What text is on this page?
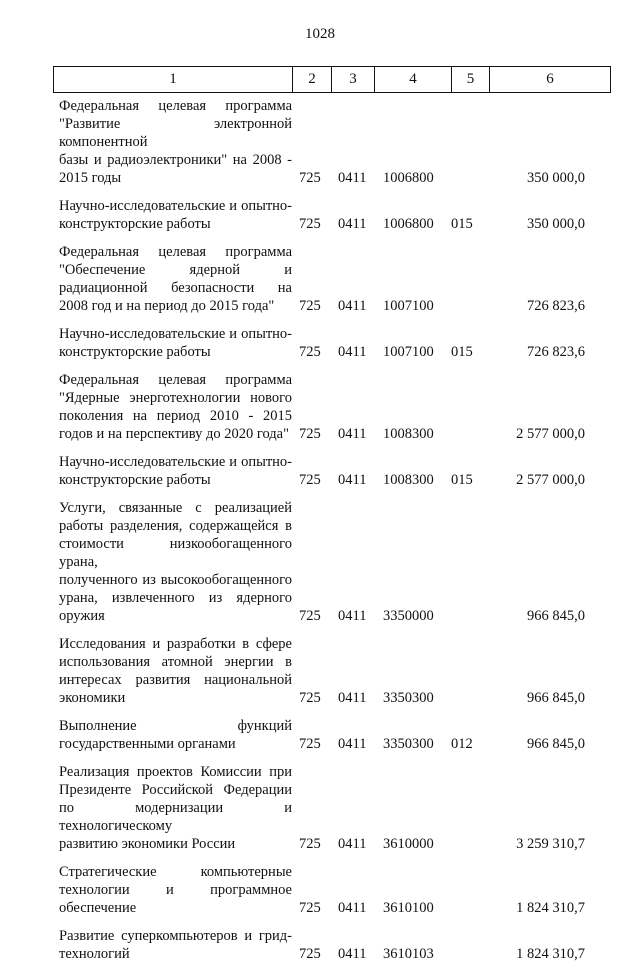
1028
1	2	3	4	5	6
Федеральная целевая программа
"Развитие электронной компонентной
базы и радиоэлектроники" на 2008 -
2015 годы	725 0411 1006800	350 000,0
Научно-исследовательские и опытно-
конструкторские работы	725 0411 1006800 015	350 000,0
Федеральная целевая программа
"Обеспечение ядерной и
радиационной безопасности на
2008 год и на период до 2015 года"	725 0411 1007100	726 823,6
Научно-исследовательские и опытно-
конструкторские работы	725 0411 1007100 015	726 823,6
Федеральная целевая программа
"Ядерные энерготехнологии нового
поколения на период 2010 - 2015
годов и на перспективу до 2020 года" 725 0411 1008300	2 577 000,0
Научно-исследовательские и опытно-
конструкторские работы	725 0411 1008300 015	2 577 000,0
Услуги, связанные с реализацией
работы разделения, содержащейся в
стоимости низкообогащенного урана,
полученного из высокообогащенного
урана, извлеченного из ядерного
оружия	725 0411 3350000	966 845,0
Исследования и разработки в сфере
использования атомной энергии в
интересах развития национальной
экономики	725 0411 3350300	966 845,0
Выполнение функций
государственными органами	725 0411 3350300 012	966 845,0
Реализация проектов Комиссии при
Президенте Российской Федерации
по модернизации и технологическому
развитию экономики России	725 0411 3610000	3 259 310,7
Стратегические компьютерные
технологии и программное
обеспечение	725 0411 3610100	1 824 310,7
Развитие суперкомпьютеров и грид-
технологий	725 0411 3610103	1 824 310,7
